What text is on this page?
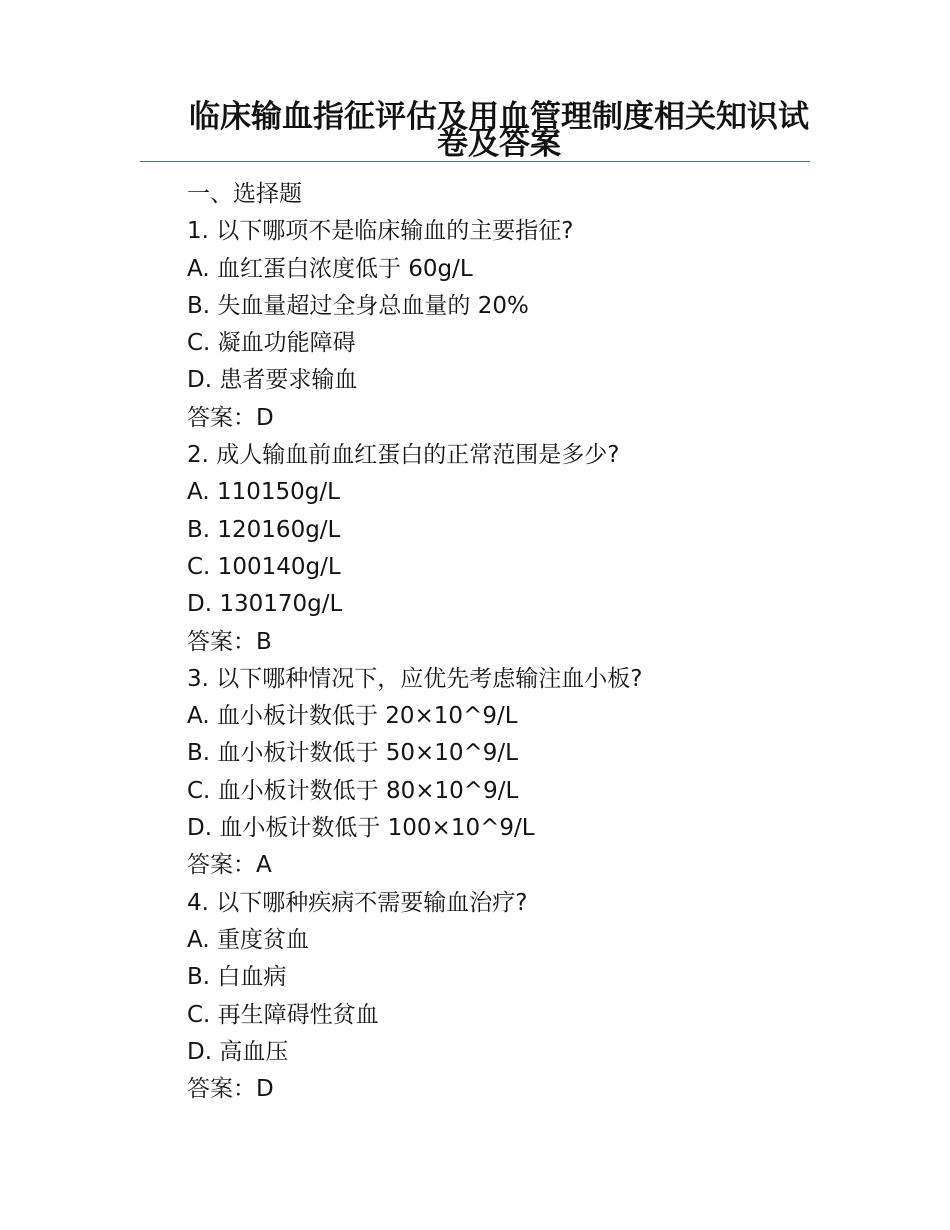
临床输血指征评估及用血管理制度相关知识试卷及答案
一、选择题
1. 以下哪项不是临床输血的主要指征?
A. 血红蛋白浓度低于 60g/L
B. 失血量超过全身总血量的 20%
C. 凝血功能障碍
D. 患者要求输血
答案：D
2. 成人输血前血红蛋白的正常范围是多少?
A. 110150g/L
B. 120160g/L
C. 100140g/L
D. 130170g/L
答案：B
3. 以下哪种情况下，应优先考虑输注血小板?
A. 血小板计数低于 20×10^9/L
B. 血小板计数低于 50×10^9/L
C. 血小板计数低于 80×10^9/L
D. 血小板计数低于 100×10^9/L
答案：A
4. 以下哪种疾病不需要输血治疗?
A. 重度贫血
B. 白血病
C. 再生障碍性贫血
D. 高血压
答案：D
